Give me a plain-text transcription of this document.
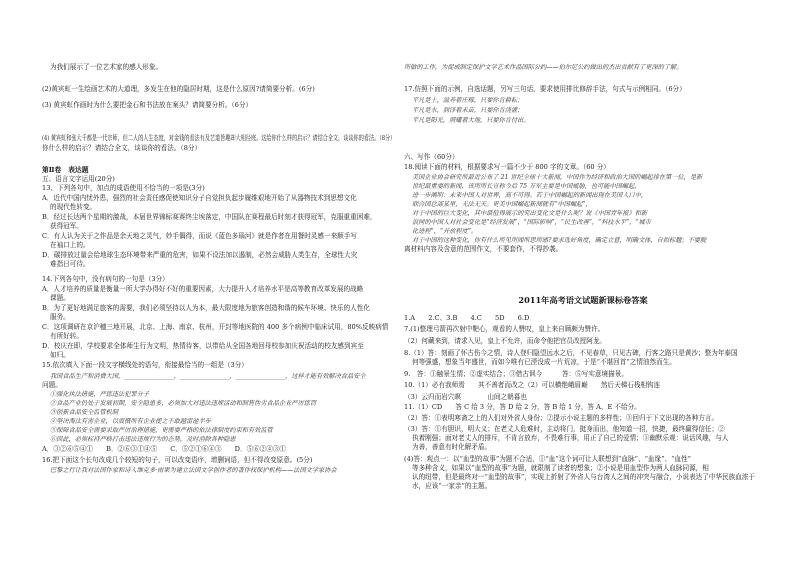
为我们展示了一位艺术家的感人形象。
(2)黄宾虹一生绘画艺术的大道理，多发生在他的隐居时期，这是什么原因?请简要分析。(6分)
(3) 黄宾虹作画时为什么要把金石和书法放在案头？请简要分析。（6分）
(4) 黄宾虹和张大千都是一代宗师，但二人的人生态度，对金钱的看法有及艺道旨趣却大相径庭。这给你什么样的启示？请结合全文，谈谈你的看法。（8分）
你什么样的启示？请结合全文，谈谈你的看法。（8分）
第Ⅱ卷　表达题
五、语言文字运用(20分)
13、下列各句中，加点的成语使用不恰当的一项是(3分)
A．近代中国内忧外患，强烈的社会责任感促使知识分子自觉担负起步履维艰地开始了从器物技术到思想文化
的现代性转变。
B．经过长达两个星期的激战，本届世界锦标赛赛终尘埃落定，中国队在赛程最后时刻才获得冠军，克服重重困难，
获得冠军。
C．有人认为关于之作品是余天地之灵气，妙手偶得，而说《蓝色多瑙河》就是作者在用餐时灵感一来顺手写
在袖口上的。
D．碳排放过量会给地球生态环境带来严重的危害，如果不设法加以遏制，必然会威胁人类生存，全球性大灾
难指日可待。
14.下列各句中，没有病句的一句是（3分）
A．人才培养的质量是衡量一所大学办得好不好的重要因素，大力提升人才培养水平是高等教育改革发展的战略
课题。
B．为了更好地满足旅客的需要，我们必须坚持以人为本，最大限度地为旅客创造和谐的候车环境、快乐的人性化
服务。
C．这项调研在京沪穗三地开展，北京、上海、南京、杭州，开封等地医院的 400 多个病例中临床试用，80%反映病情
有所好转。
D．校庆在即，学校要求全体师生行为文明，热情待客，以带给从全国各地回母校参加庆祝活动的校友感到宾至
如归。
15.依次填入下面一段文字横线处的语句，衔接最恰当的一组是（3分）
我国食品生产和消费大国，________________，________________，________________，这样才能有效解决食品安全
问题。
①强化执法措施，严惩违法犯罪分子
②食品产业仍处于发展初期，安全隐患多，必须加大对违法违规活动和制售伪劣食品企业严厉惩罚
③创新食品安全监管机制
④坚决淘汰有害企业，以震慑所有企业使之不敢越雷池半步
⑤保障食品安全需要采取严厉治理措施，更需要严格的依法律制度约束和有效监管
⑥因此，必须标持严格打击违法违规行为的态势，及时消除各种隐患
A．③②⑥⑤④①　　B．②⑥③①④⑤　　C．⑤②①⑥④③　　D．⑤⑥②④③①
16.把下面这个长句改成几个较短的句子，可以改变语序，增删词语，但不得改变原意。(5分)
巴黎之行让我对法国作家和诗人维克多·雨果为建立法国文学创作者的著作权保护机构——法国文学家协会
2011年高考语文试题新课标卷答案
所做的工作，为促成制定保护文学艺术作品国际公约——伯尔尼公约做出的杰出贡献有了更深的了解。
17.仿照下面的示例，自选话题，另写三句话，要求使用排比修辞手法，句式与示例相同。（6分）
平凡是土，滋养着庄稼，只要你肯耕耘；
平凡是水，润泽着禾苗，只要你肯浇灌；
平凡是阳光，照耀着大地，只要你肯付出。
六、写作（60分）
18.阅读下面的材料，根据要求写一篇不少于 800 字的文章。（60 分）
美国企业协会研究所最近公布了 21 世纪全球十大新闻，中国作为经济和政治大国的崛起排在第一位，是新
世纪最重要的新闻，该所所长宣称今后 75 万军主要是中国威胁，也可能中国崛起，
进一步阐明：未来中国人对世界，高不可得。若于中国崛起的新闻出现在美国人口中，
联合国总部某里，无法无天。更美中国崛起新闻就有“中国崛起”，
对于中国的巨大变化，其中最值得展示的究出变化文是什么呢？说《中国青年报》和新
浪网的中国人对社会变化是“经济发展”，“国际影响”，“民生改善”，“科技水平”，“城市
化进程”，“开放程度”。
对于中国的这种变化，你有什么所见所闻所思所感?要求选好角度，确定立意，明确文体，自拟标题；不要脱
离材料内容及含意的范围作文，不要套作，不得抄袭。
1.A　　2.C、3.B　　4.C　　5D　　6.D
7.(1)整理弓箭再次射中靶心，观看的人赞叹，皇上来自顾颇为赞许。
（2）何藏来到，请求入见，皇上不允许，而命令他把官员改授阿龙。
8.（1）答：刻画了怀古伤今之情，诗人登归隐望远水之后，不见春草，只见古碑，行客之路只是黄沙；整为年泰国
何等强盛，想象当年盛世，而如今唯有已湮没成一片荒凉，于是“不堪回首”之情油然而生。
9.　答：①触景生情；②虚实结合；③借古讽今　　　答：⑤写实意境描景。
10.（1）必有我师焉　　其不善者而改之（2）可以横绝峨眉巅　　然后天梯石栈相钩连
（3）云归而岩穴暝　　　　山间之朝暮也
11.（1）CD　　答 C 给 3 分，答 D 给 2 分，答 B 给 1 分，答 A、E 不给分。
（2）答：①表明寒斋之上的人们对外省人身份；②提示小说主题的多样性；③回归于下文出现的各种方言。
（3）答：①有胆识，明大义；在老丈人危难时，主动将门，挺身而出，他知道一招，快捷，最终赢得信任；②
执着刚强；面对老丈人的排斥，不肯言放弃，不畏难行事，用正了自己的爱情；③幽默乐观：说话风趣，与人
为善，善意有时化解矛盾。
(4)答：观点一：以“血型的故事”为题不合适，①“血”这个词可让人联想到“血脉”、“血缘”、“血性”
等多种含义，如果以“血型的故事”为题，就限制了读者的想象；②小说是用血型作为两人血脉同源，相
认的纽带，但是最终对一“血型的故事”，实现上折射了外省人与台湾人之间的冲突与融合，小说表达了中华民族血浓于
水，应该“一家亲”的主题。
